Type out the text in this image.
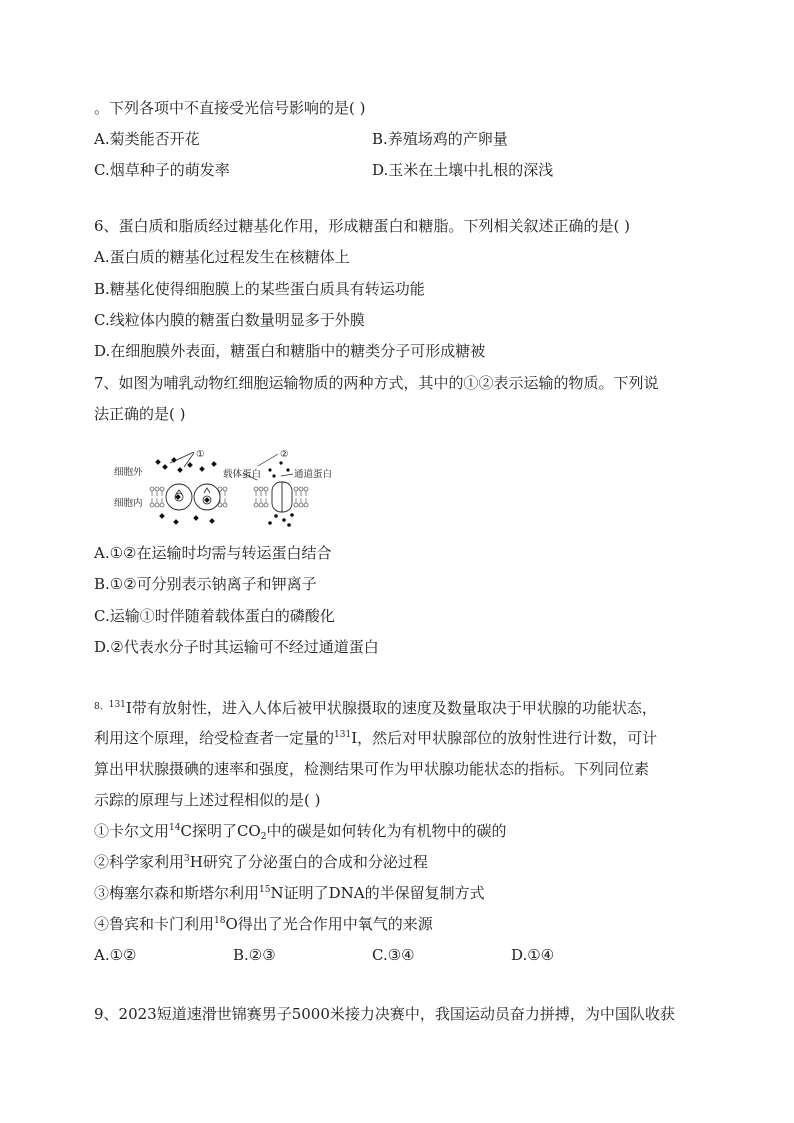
。下列各项中不直接受光信号影响的是( )
A.菊类能否开花	B.养殖场鸡的产卵量
C.烟草种子的萌发率	D.玉米在土壤中扎根的深浅
6、蛋白质和脂质经过糖基化作用，形成糖蛋白和糖脂。下列相关叙述正确的是( )
A.蛋白质的糖基化过程发生在核糖体上
B.糖基化使得细胞膜上的某些蛋白质具有转运功能
C.线粒体内膜的糖蛋白数量明显多于外膜
D.在细胞膜外表面，糖蛋白和糖脂中的糖类分子可形成糖被
7、如图为哺乳动物红细胞运输物质的两种方式，其中的①②表示运输的物质。下列说
法正确的是( )
细胞外
细胞内
①	②
载体蛋白	通道蛋白
A.①②在运输时均需与转运蛋白结合
B.①②可分别表示钠离子和钾离子
C.运输①时伴随着载体蛋白的磷酸化
D.②代表水分子时其运输可不经过通道蛋白
$^{8、131}$I带有放射性，进入人体后被甲状腺摄取的速度及数量取决于甲状腺的功能状态，
利用这个原理，给受检查者一定量的$^{131}$I，然后对甲状腺部位的放射性进行计数，可计
算出甲状腺摄碘的速率和强度，检测结果可作为甲状腺功能状态的指标。下列同位素
示踪的原理与上述过程相似的是( )
①卡尔文用$^{14}$C探明了$CO_2$中的碳是如何转化为有机物中的碳的
②科学家利用$^3$H研究了分泌蛋白的合成和分泌过程
③梅塞尔森和斯塔尔利用$^{15}$N证明了DNA的半保留复制方式
④鲁宾和卡门利用$^{18}$O得出了光合作用中氧气的来源
A.①②	B.②③	C.③④	D.①④
9、2023短道速滑世锦赛男子5000米接力决赛中，我国运动员奋力拼搏，为中国队收获
